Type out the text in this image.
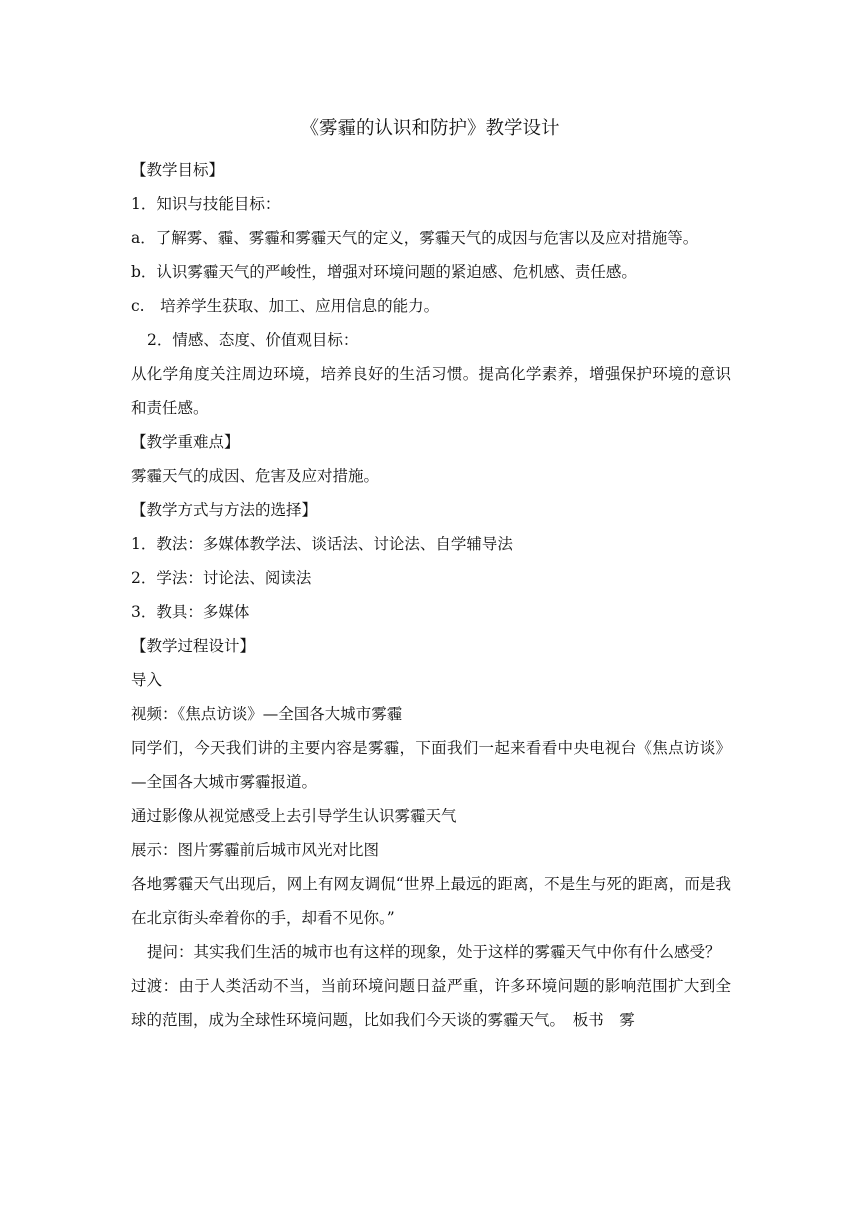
《雾霾的认识和防护》教学设计

【教学目标】

1．知识与技能目标：

a．了解雾、霾、雾霾和雾霾天气的定义，雾霾天气的成因与危害以及应对措施等。

b．认识雾霾天气的严峻性，增强对环境问题的紧迫感、危机感、责任感。

c.　培养学生获取、加工、应用信息的能力。

2．情感、态度、价值观目标：

从化学角度关注周边环境，培养良好的生活习惯。提高化学素养，增强保护环境的意识和责任感。

【教学重难点】

雾霾天气的成因、危害及应对措施。

【教学方式与方法的选择】

1．教法：多媒体教学法、谈话法、讨论法、自学辅导法

2．学法：讨论法、阅读法

3．教具：多媒体

【教学过程设计】

导入

视频：《焦点访谈》—全国各大城市雾霾

同学们，今天我们讲的主要内容是雾霾，下面我们一起来看看中央电视台《焦点访谈》—全国各大城市雾霾报道。

通过影像从视觉感受上去引导学生认识雾霾天气

展示：图片雾霾前后城市风光对比图

各地雾霾天气出现后，网上有网友调侃“世界上最远的距离，不是生与死的距离，而是我在北京街头牵着你的手，却看不见你。”

提问：其实我们生活的城市也有这样的现象，处于这样的雾霾天气中你有什么感受？

过渡：由于人类活动不当，当前环境问题日益严重，许多环境问题的影响范围扩大到全球的范围，成为全球性环境问题，比如我们今天谈的雾霾天气。　板书　雾
